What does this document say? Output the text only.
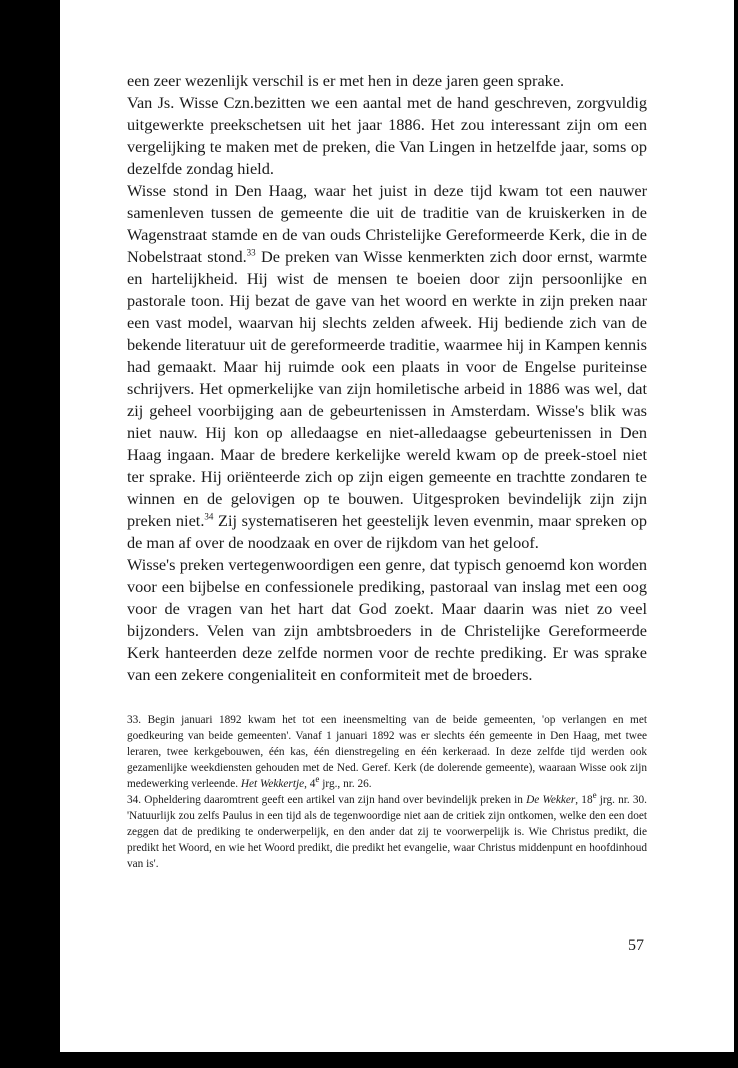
een zeer wezenlijk verschil is er met hen in deze jaren geen sprake.

Van Js. Wisse Czn.bezitten we een aantal met de hand geschreven, zorgvuldig uitgewerkte preekschetsen uit het jaar 1886. Het zou interessant zijn om een vergelijking te maken met de preken, die Van Lingen in hetzelfde jaar, soms op dezelfde zondag hield.

Wisse stond in Den Haag, waar het juist in deze tijd kwam tot een nauwer samenleven tussen de gemeente die uit de traditie van de kruiskerken in de Wagenstraat stamde en de van ouds Christelijke Gereformeerde Kerk, die in de Nobelstraat stond.$^{33}$ De preken van Wisse kenmerkten zich door ernst, warmte en hartelijkheid. Hij wist de mensen te boeien door zijn persoonlijke en pastorale toon. Hij bezat de gave van het woord en werkte in zijn preken naar een vast model, waarvan hij slechts zelden afweek. Hij bediende zich van de bekende literatuur uit de gereformeerde traditie, waarmee hij in Kampen kennis had gemaakt. Maar hij ruimde ook een plaats in voor de Engelse puriteinse schrijvers. Het opmerkelijke van zijn homiletische arbeid in 1886 was wel, dat zij geheel voorbijging aan de gebeurtenissen in Amsterdam. Wisse's blik was niet nauw. Hij kon op alledaagse en niet-alledaagse gebeurtenissen in Den Haag ingaan. Maar de bredere kerkelijke wereld kwam op de preek-stoel niet ter sprake. Hij oriënteerde zich op zijn eigen gemeente en trachtte zondaren te winnen en de gelovigen op te bouwen. Uitgesproken bevindelijk zijn zijn preken niet.$^{34}$ Zij systematiseren het geestelijk leven evenmin, maar spreken op de man af over de noodzaak en over de rijkdom van het geloof.

Wisse's preken vertegenwoordigen een genre, dat typisch genoemd kon worden voor een bijbelse en confessionele prediking, pastoraal van inslag met een oog voor de vragen van het hart dat God zoekt. Maar daarin was niet zo veel bijzonders. Velen van zijn ambtsbroeders in de Christelijke Gereformeerde Kerk hanteerden deze zelfde normen voor de rechte prediking. Er was sprake van een zekere congenialiteit en conformiteit met de broeders.

33. Begin januari 1892 kwam het tot een ineensmelting van de beide gemeenten, 'op verlangen en met goedkeuring van beide gemeenten'. Vanaf 1 januari 1892 was er slechts één gemeente in Den Haag, met twee leraren, twee kerkgebouwen, één kas, één dienstregeling en één kerkeraad. In deze zelfde tijd werden ook gezamenlijke weekdiensten gehouden met de Ned. Geref. Kerk (de dolerende gemeente), waaraan Wisse ook zijn medewerking verleende. Het Wekkertje, 4e jrg., nr. 26.

34. Opheldering daaromtrent geeft een artikel van zijn hand over bevindelijk preken in De Wekker, 18e jrg. nr. 30. 'Natuurlijk zou zelfs Paulus in een tijd als de tegenwoordige niet aan de critiek zijn ontkomen, welke den een doet zeggen dat de prediking te onderwerpelijk, en den ander dat zij te voorwerpelijk is. Wie Christus predikt, die predikt het Woord, en wie het Woord predikt, die predikt het evangelie, waar Christus middenpunt en hoofdinhoud van is'.

57
